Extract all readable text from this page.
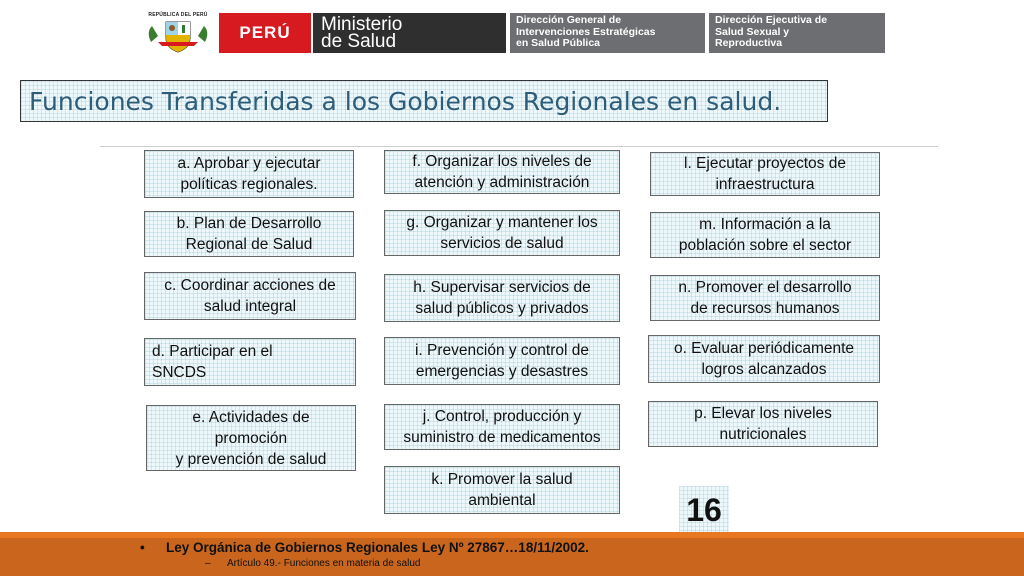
REPÚBLICA DEL PERÚ
PERÚ	Ministerio
de Salud
Dirección General de
Intervenciones Estratégicas
en Salud Pública
Dirección Ejecutiva de
Salud Sexual y
Reproductiva
Funciones Transferidas a los Gobiernos Regionales en salud.
a. Aprobar y ejecutar
políticas regionales.
b. Plan de Desarrollo
Regional de Salud
c. Coordinar acciones de
salud integral
d. Participar en el
SNCDS
e. Actividades de
promoción
y prevención de salud
f. Organizar los niveles de
atención y administración
g. Organizar y mantener los
servicios de salud
h. Supervisar servicios de
salud públicos y privados
i. Prevención y control de
emergencias y desastres
j. Control, producción y
suministro de medicamentos
k. Promover la salud
ambiental
l. Ejecutar proyectos de
infraestructura
m. Información a la
población sobre el sector
n. Promover el desarrollo
de recursos humanos
o. Evaluar periódicamente
logros alcanzados
p. Elevar los niveles
nutricionales
16
• Ley Orgánica de Gobiernos Regionales Ley Nº 27867…18/11/2002.
– Artículo 49.- Funciones en materia de salud
